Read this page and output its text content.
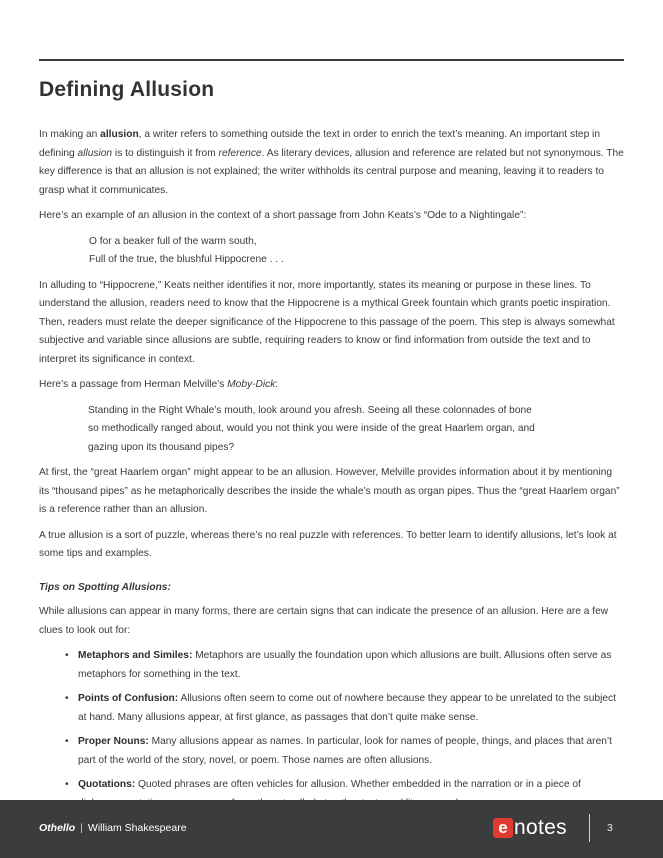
Defining Allusion

In making an allusion, a writer refers to something outside the text in order to enrich the text’s meaning. An important step in defining allusion is to distinguish it from reference. As literary devices, allusion and reference are related but not synonymous. The key difference is that an allusion is not explained; the writer withholds its central purpose and meaning, leaving it to readers to grasp what it communicates.

Here’s an example of an allusion in the context of a short passage from John Keats’s “Ode to a Nightingale”:

O for a beaker full of the warm south,
Full of the true, the blushful Hippocrene . . .

In alluding to “Hippocrene,” Keats neither identifies it nor, more importantly, states its meaning or purpose in these lines. To understand the allusion, readers need to know that the Hippocrene is a mythical Greek fountain which grants poetic inspiration. Then, readers must relate the deeper significance of the Hippocrene to this passage of the poem. This step is always somewhat subjective and variable since allusions are subtle, requiring readers to know or find information from outside the text and to interpret its significance in context.

Here’s a passage from Herman Melville’s Moby-Dick:

Standing in the Right Whale’s mouth, look around you afresh. Seeing all these colonnades of bone
so methodically ranged about, would you not think you were inside of the great Haarlem organ, and
gazing upon its thousand pipes?

At first, the “great Haarlem organ” might appear to be an allusion. However, Melville provides information about it by mentioning its “thousand pipes” as he metaphorically describes the inside the whale’s mouth as organ pipes. Thus the “great Haarlem organ” is a reference rather than an allusion.

A true allusion is a sort of puzzle, whereas there’s no real puzzle with references. To better learn to identify allusions, let’s look at some tips and examples.

Tips on Spotting Allusions:

While allusions can appear in many forms, there are certain signs that can indicate the presence of an allusion. Here are a few clues to look out for:

• Metaphors and Similes: Metaphors are usually the foundation upon which allusions are built. Allusions often serve as metaphors for something in the text.
• Points of Confusion: Allusions often seem to come out of nowhere because they appear to be unrelated to the subject at hand. Many allusions appear, at first glance, as passages that don’t quite make sense.
• Proper Nouns: Many allusions appear as names. In particular, look for names of people, things, and places that aren’t part of the world of the story, novel, or poem. Those names are often allusions.
• Quotations: Quoted phrases are often vehicles for allusion. Whether embedded in the narration or in a piece of
Othello | William Shakespeare	e notes	3
